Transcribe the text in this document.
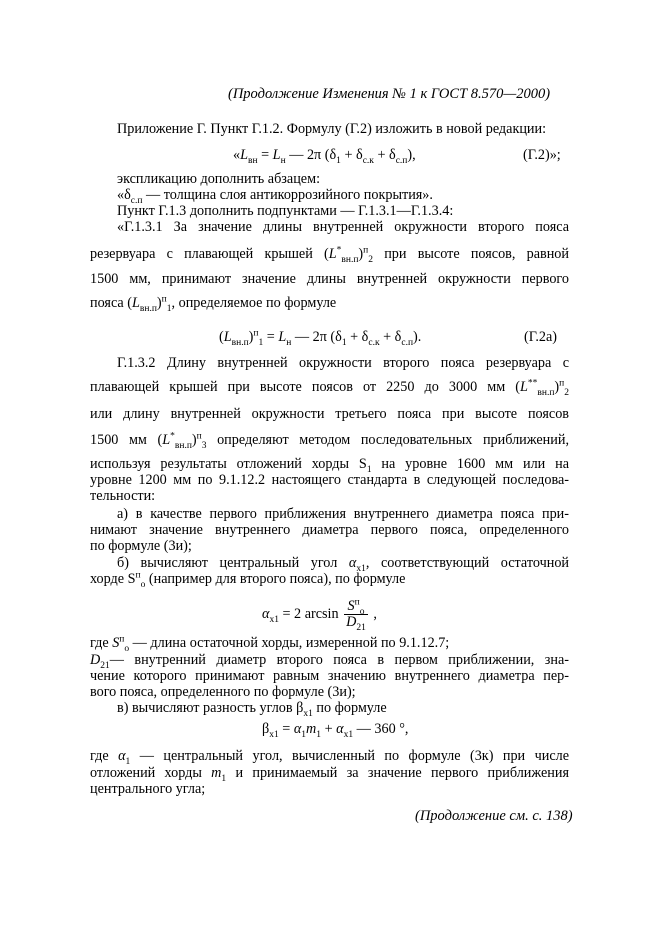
(Продолжение Изменения № 1 к ГОСТ 8.570—2000)
Приложение Г. Пункт Г.1.2. Формулу (Г.2) изложить в новой редакции:
«$L_{вн} = L_н$ — 2π $(\delta_1 + \delta_{с.к} + \delta_{с.п})$,	(Г.2)»;
экспликацию дополнить абзацем:
«$\delta_{с.п}$ — толщина слоя антикоррозийного покрытия».
Пункт Г.1.3 дополнить подпунктами — Г.1.3.1—Г.1.3.4:
«Г.1.3.1 За значение длины внутренней окружности второго пояса
резервуара с плавающей крышей $(L^*_{вн.п})^п_2$ при высоте поясов, равной
1500 мм, принимают значение длины внутренней окружности первого
пояса $(L_{вн.п})^п_1$, определяемое по формуле
$(L_{вн.п})^п_1 = L_н$ — 2π $(\delta_1 + \delta_{с.к} + \delta_{с.п})$.	(Г.2а)
Г.1.3.2 Длину внутренней окружности второго пояса резервуара с
плавающей крышей при высоте поясов от 2250 до 3000 мм $(L^{**}_{вн.п})^п_2$
или длину внутренней окружности третьего пояса при высоте поясов
1500 мм $(L^*_{вн.п})^п_3$ определяют методом последовательных приближений,
используя результаты отложений хорды $S_1$ на уровне 1600 мм или на
уровне 1200 мм по 9.1.12.2 настоящего стандарта в следующей последова-
тельности:
а) в качестве первого приближения внутреннего диаметра пояса при-
нимают значение внутреннего диаметра первого пояса, определенного
по формуле (3и);
б) вычисляют центральный угол $\alpha_{x1}$, соответствующий остаточной
хорде $S^п_о$ (например для второго пояса), по формуле
$\alpha_{x1} = 2$ $\arcsin \frac{S^п_о}{D_{21}}$ ,
где $S^п_о$ — длина остаточной хорды, измеренной по 9.1.12.7;
$D_{21}—$ внутренний диаметр второго пояса в первом приближении, зна-
чение которого принимают равным значению внутреннего диаметра пер-
вого пояса, определенного по формуле (3и);
в) вычисляют разность углов $\beta_{x1}$ по формуле
$\beta_{x1} = \alpha_1m_1 + \alpha_{x1}$ — 360 °,
где $\alpha_1$ — центральный угол, вычисленный по формуле (3к) при числе
отложений хорды $m_1$ и принимаемый за значение первого приближения
центрального угла;
(Продолжение см. с. 138)
